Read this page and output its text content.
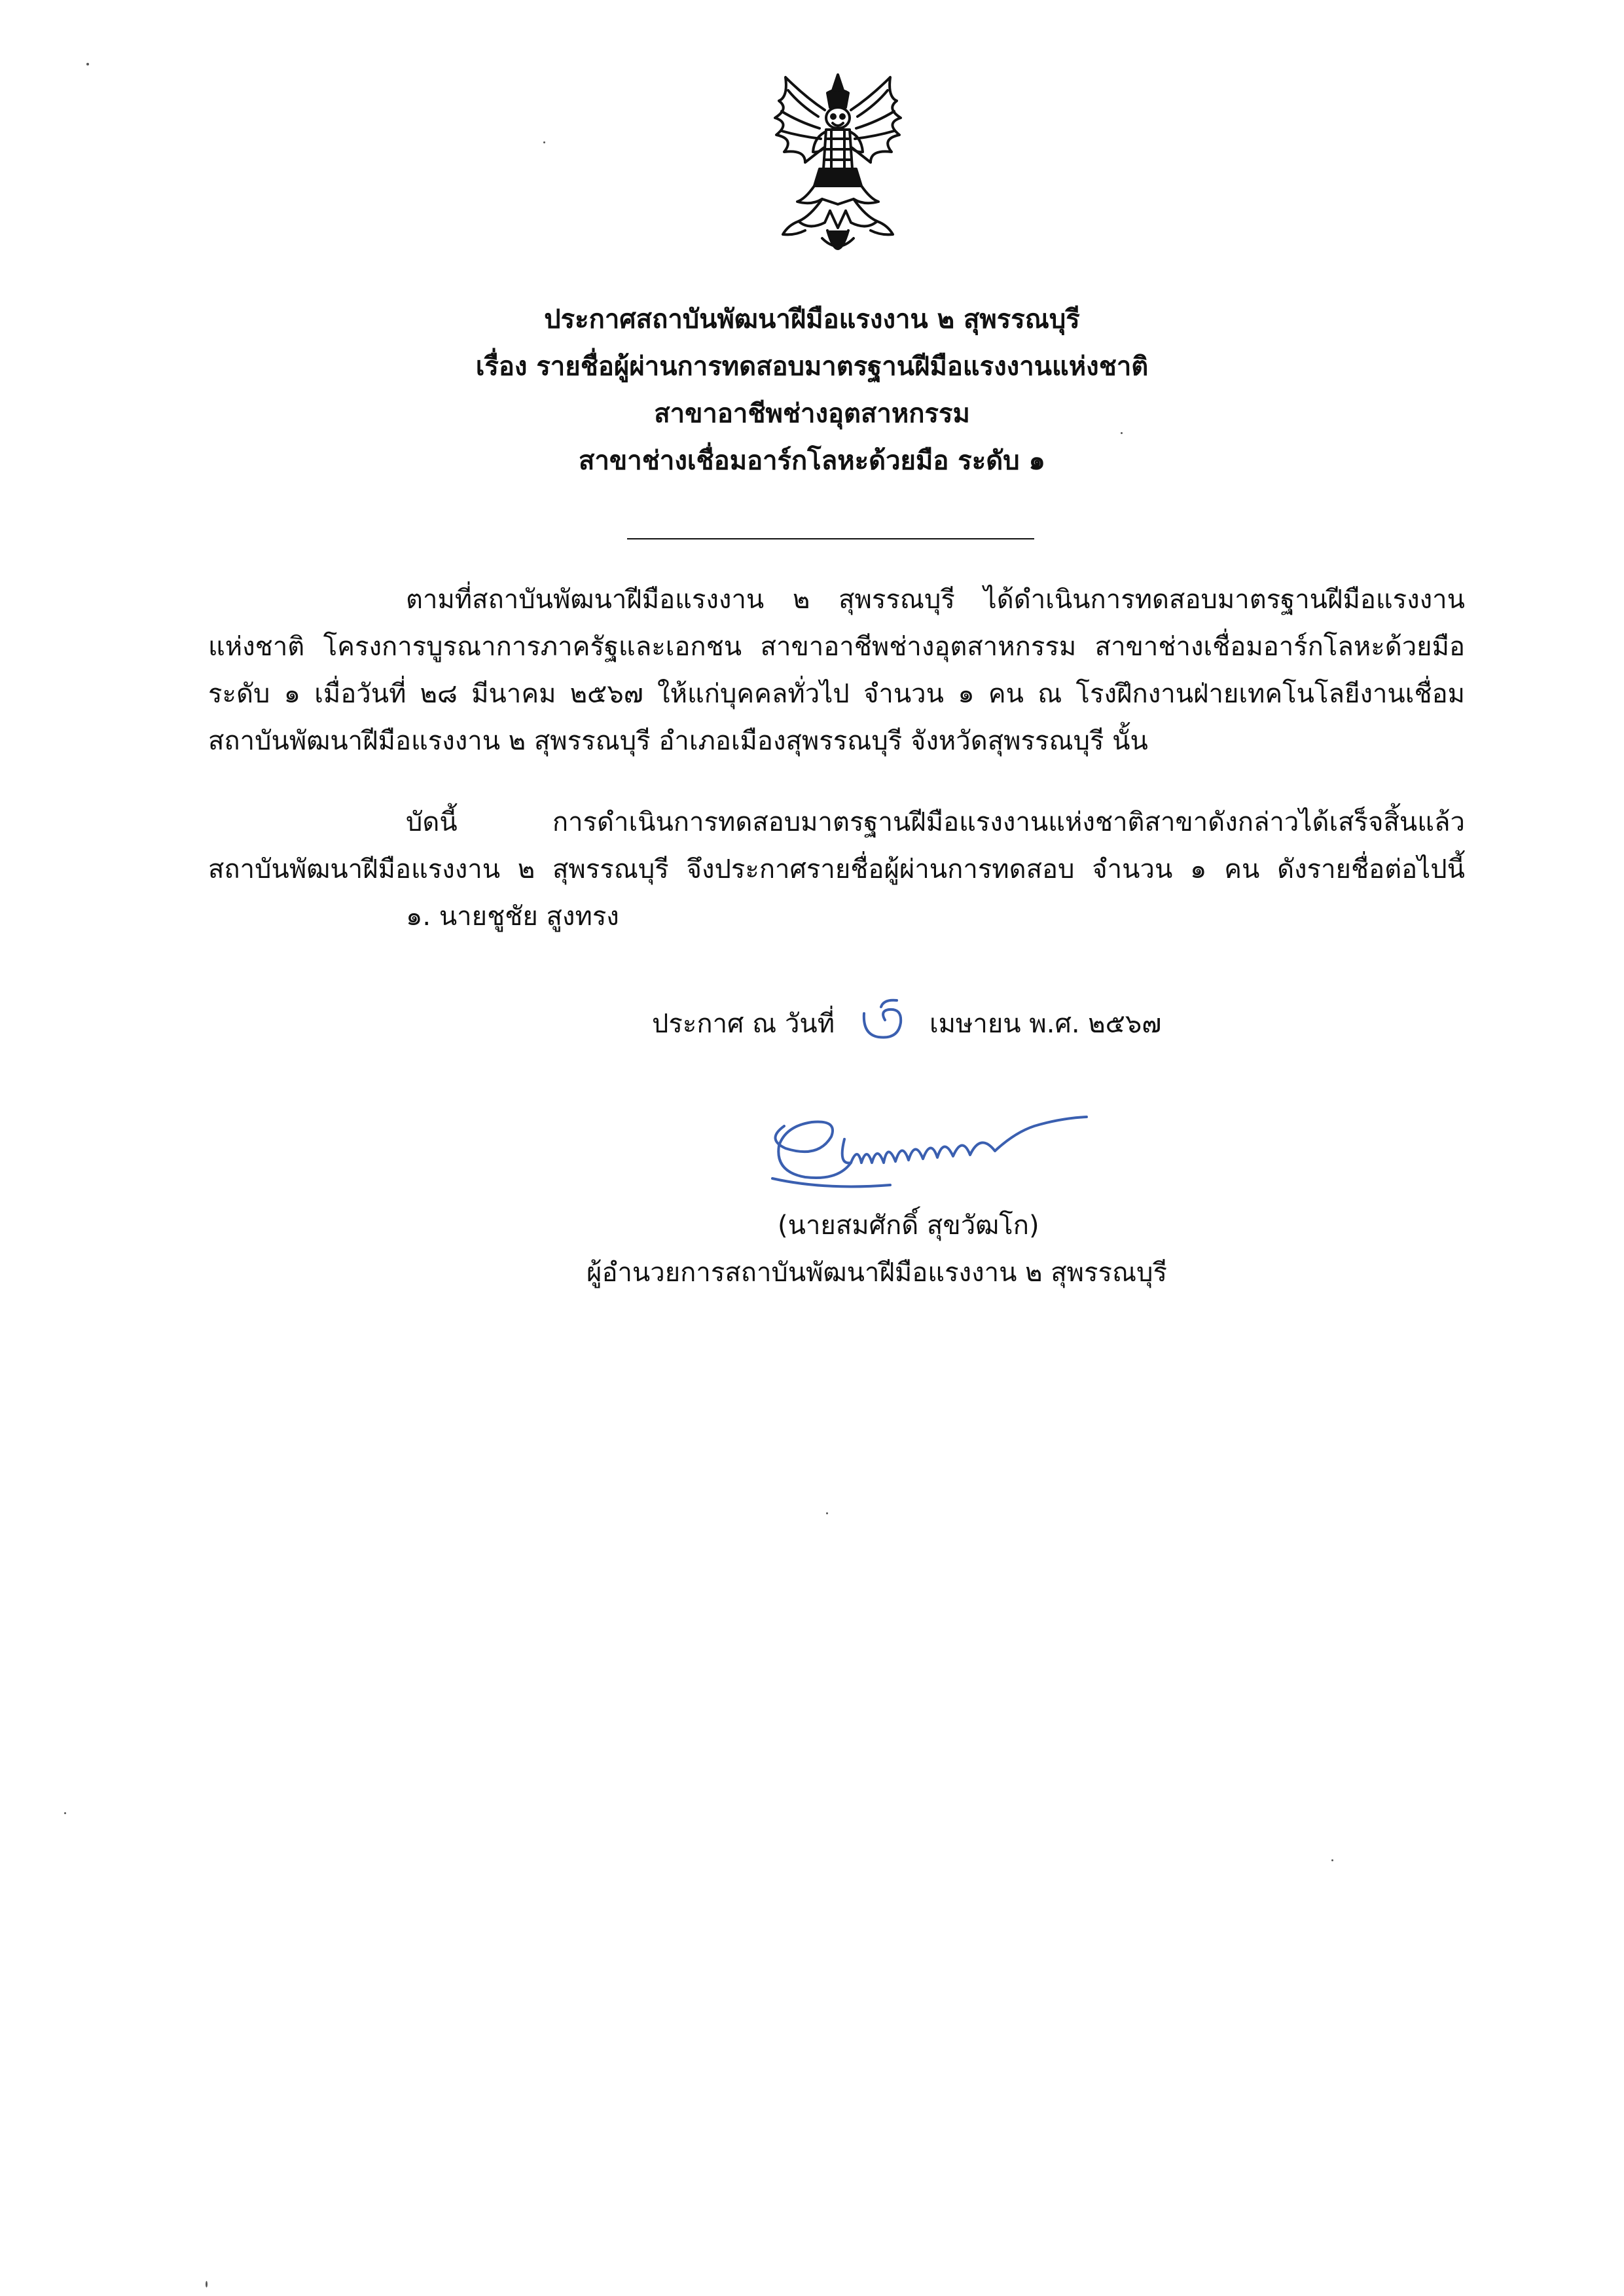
ประกาศสถาบันพัฒนาฝีมือแรงงาน ๒ สุพรรณบุรี
เรื่อง รายชื่อผู้ผ่านการทดสอบมาตรฐานฝีมือแรงงานแห่งชาติ
สาขาอาชีพช่างอุตสาหกรรม
สาขาช่างเชื่อมอาร์กโลหะด้วยมือ ระดับ ๑
ตามที่สถาบันพัฒนาฝีมือแรงงาน ๒ สุพรรณบุรี ได้ดำเนินการทดสอบมาตรฐานฝีมือแรงงาน
แห่งชาติ โครงการบูรณาการภาครัฐและเอกชน สาขาอาชีพช่างอุตสาหกรรม สาขาช่างเชื่อมอาร์กโลหะด้วยมือ
ระดับ ๑ เมื่อวันที่ ๒๘ มีนาคม ๒๕๖๗ ให้แก่บุคคลทั่วไป จำนวน ๑ คน ณ โรงฝึกงานฝ่ายเทคโนโลยีงานเชื่อม
สถาบันพัฒนาฝีมือแรงงาน ๒ สุพรรณบุรี อำเภอเมืองสุพรรณบุรี จังหวัดสุพรรณบุรี นั้น
บัดนี้ การดำเนินการทดสอบมาตรฐานฝีมือแรงงานแห่งชาติสาขาดังกล่าวได้เสร็จสิ้นแล้ว
สถาบันพัฒนาฝีมือแรงงาน ๒ สุพรรณบุรี จึงประกาศรายชื่อผู้ผ่านการทดสอบ จำนวน ๑ คน ดังรายชื่อต่อไปนี้
๑. นายชูชัย สูงทรง
ประกาศ ณ วันที่	เมษายน พ.ศ. ๒๕๖๗
(นายสมศักดิ์ สุขวัฒโก)
ผู้อำนวยการสถาบันพัฒนาฝีมือแรงงาน ๒ สุพรรณบุรี
